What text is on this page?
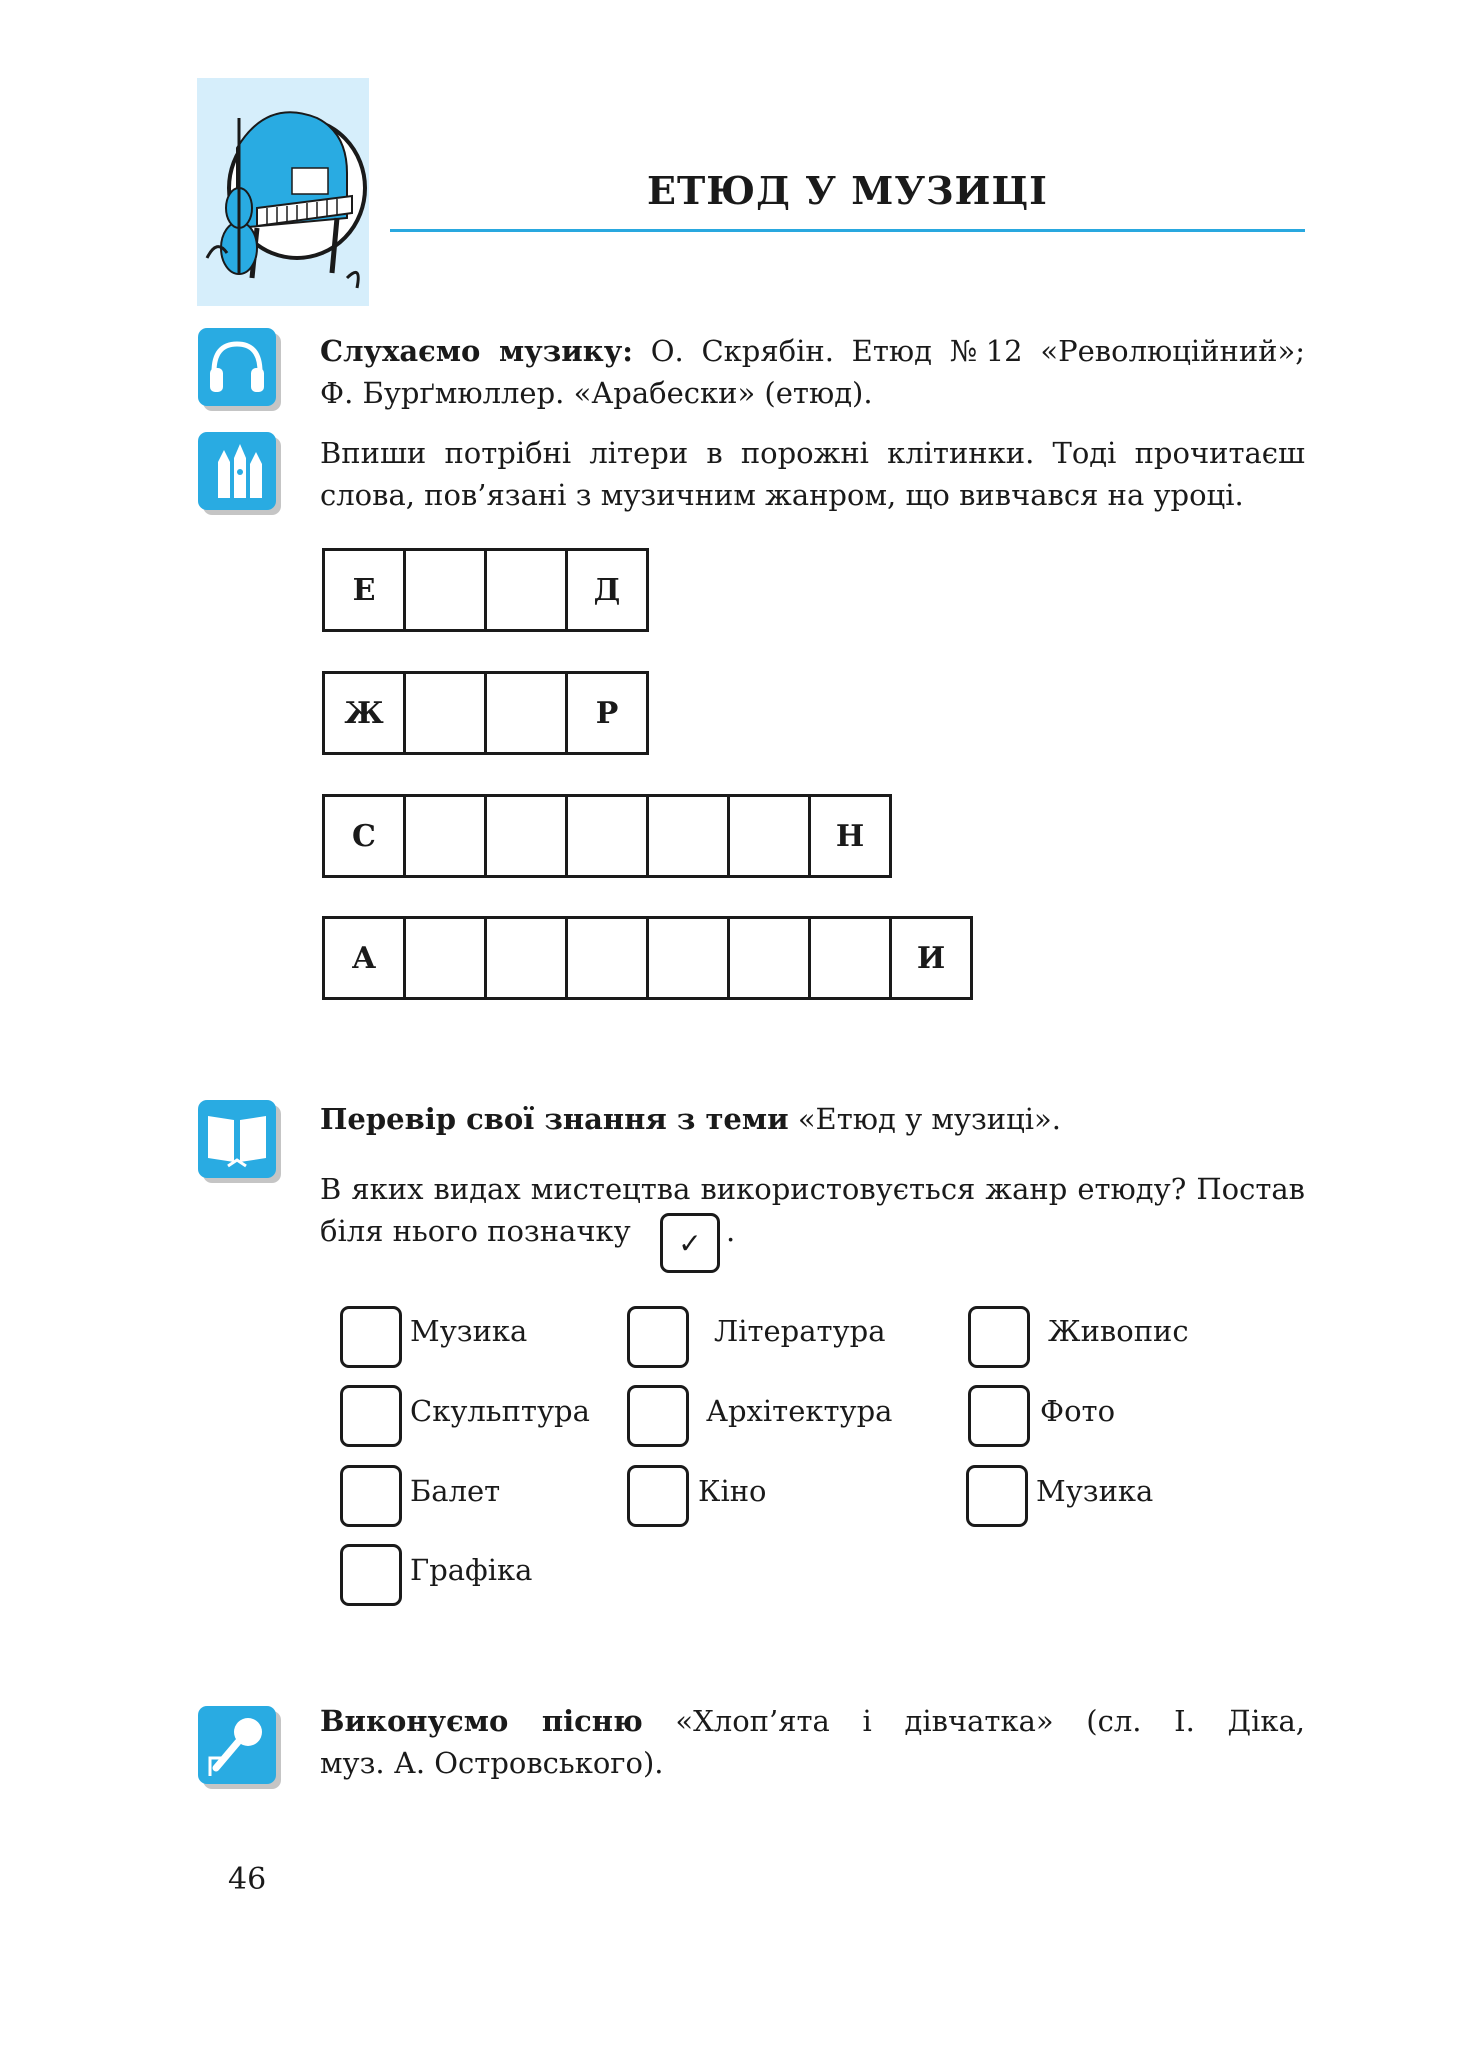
ЕТЮД У МУЗИЦІ
Слухаємо музику: О. Скрябін. Етюд №12 «Революційний»;
Ф. Бурґмюллер. «Арабески» (етюд).
Впиши потрібні літери в порожні клітинки. Тоді прочитаєш
слова, пов’язані з музичним жанром, що вивчався на уроці.
Е	Д
Ж	Р
С	Н
А	И
Перевір свої знання з теми «Етюд у музиці».
В яких видах мистецтва використовується жанр етюду? Постав
біля нього позначку	✓ .
Музика	Література	Живопис
Скульптура	Архітектура	Фото
Балет	Кіно	Музика
Графіка
Виконуємо пісню «Хлоп’ята і дівчатка» (сл. І. Діка,
муз. А. Островського).
46
